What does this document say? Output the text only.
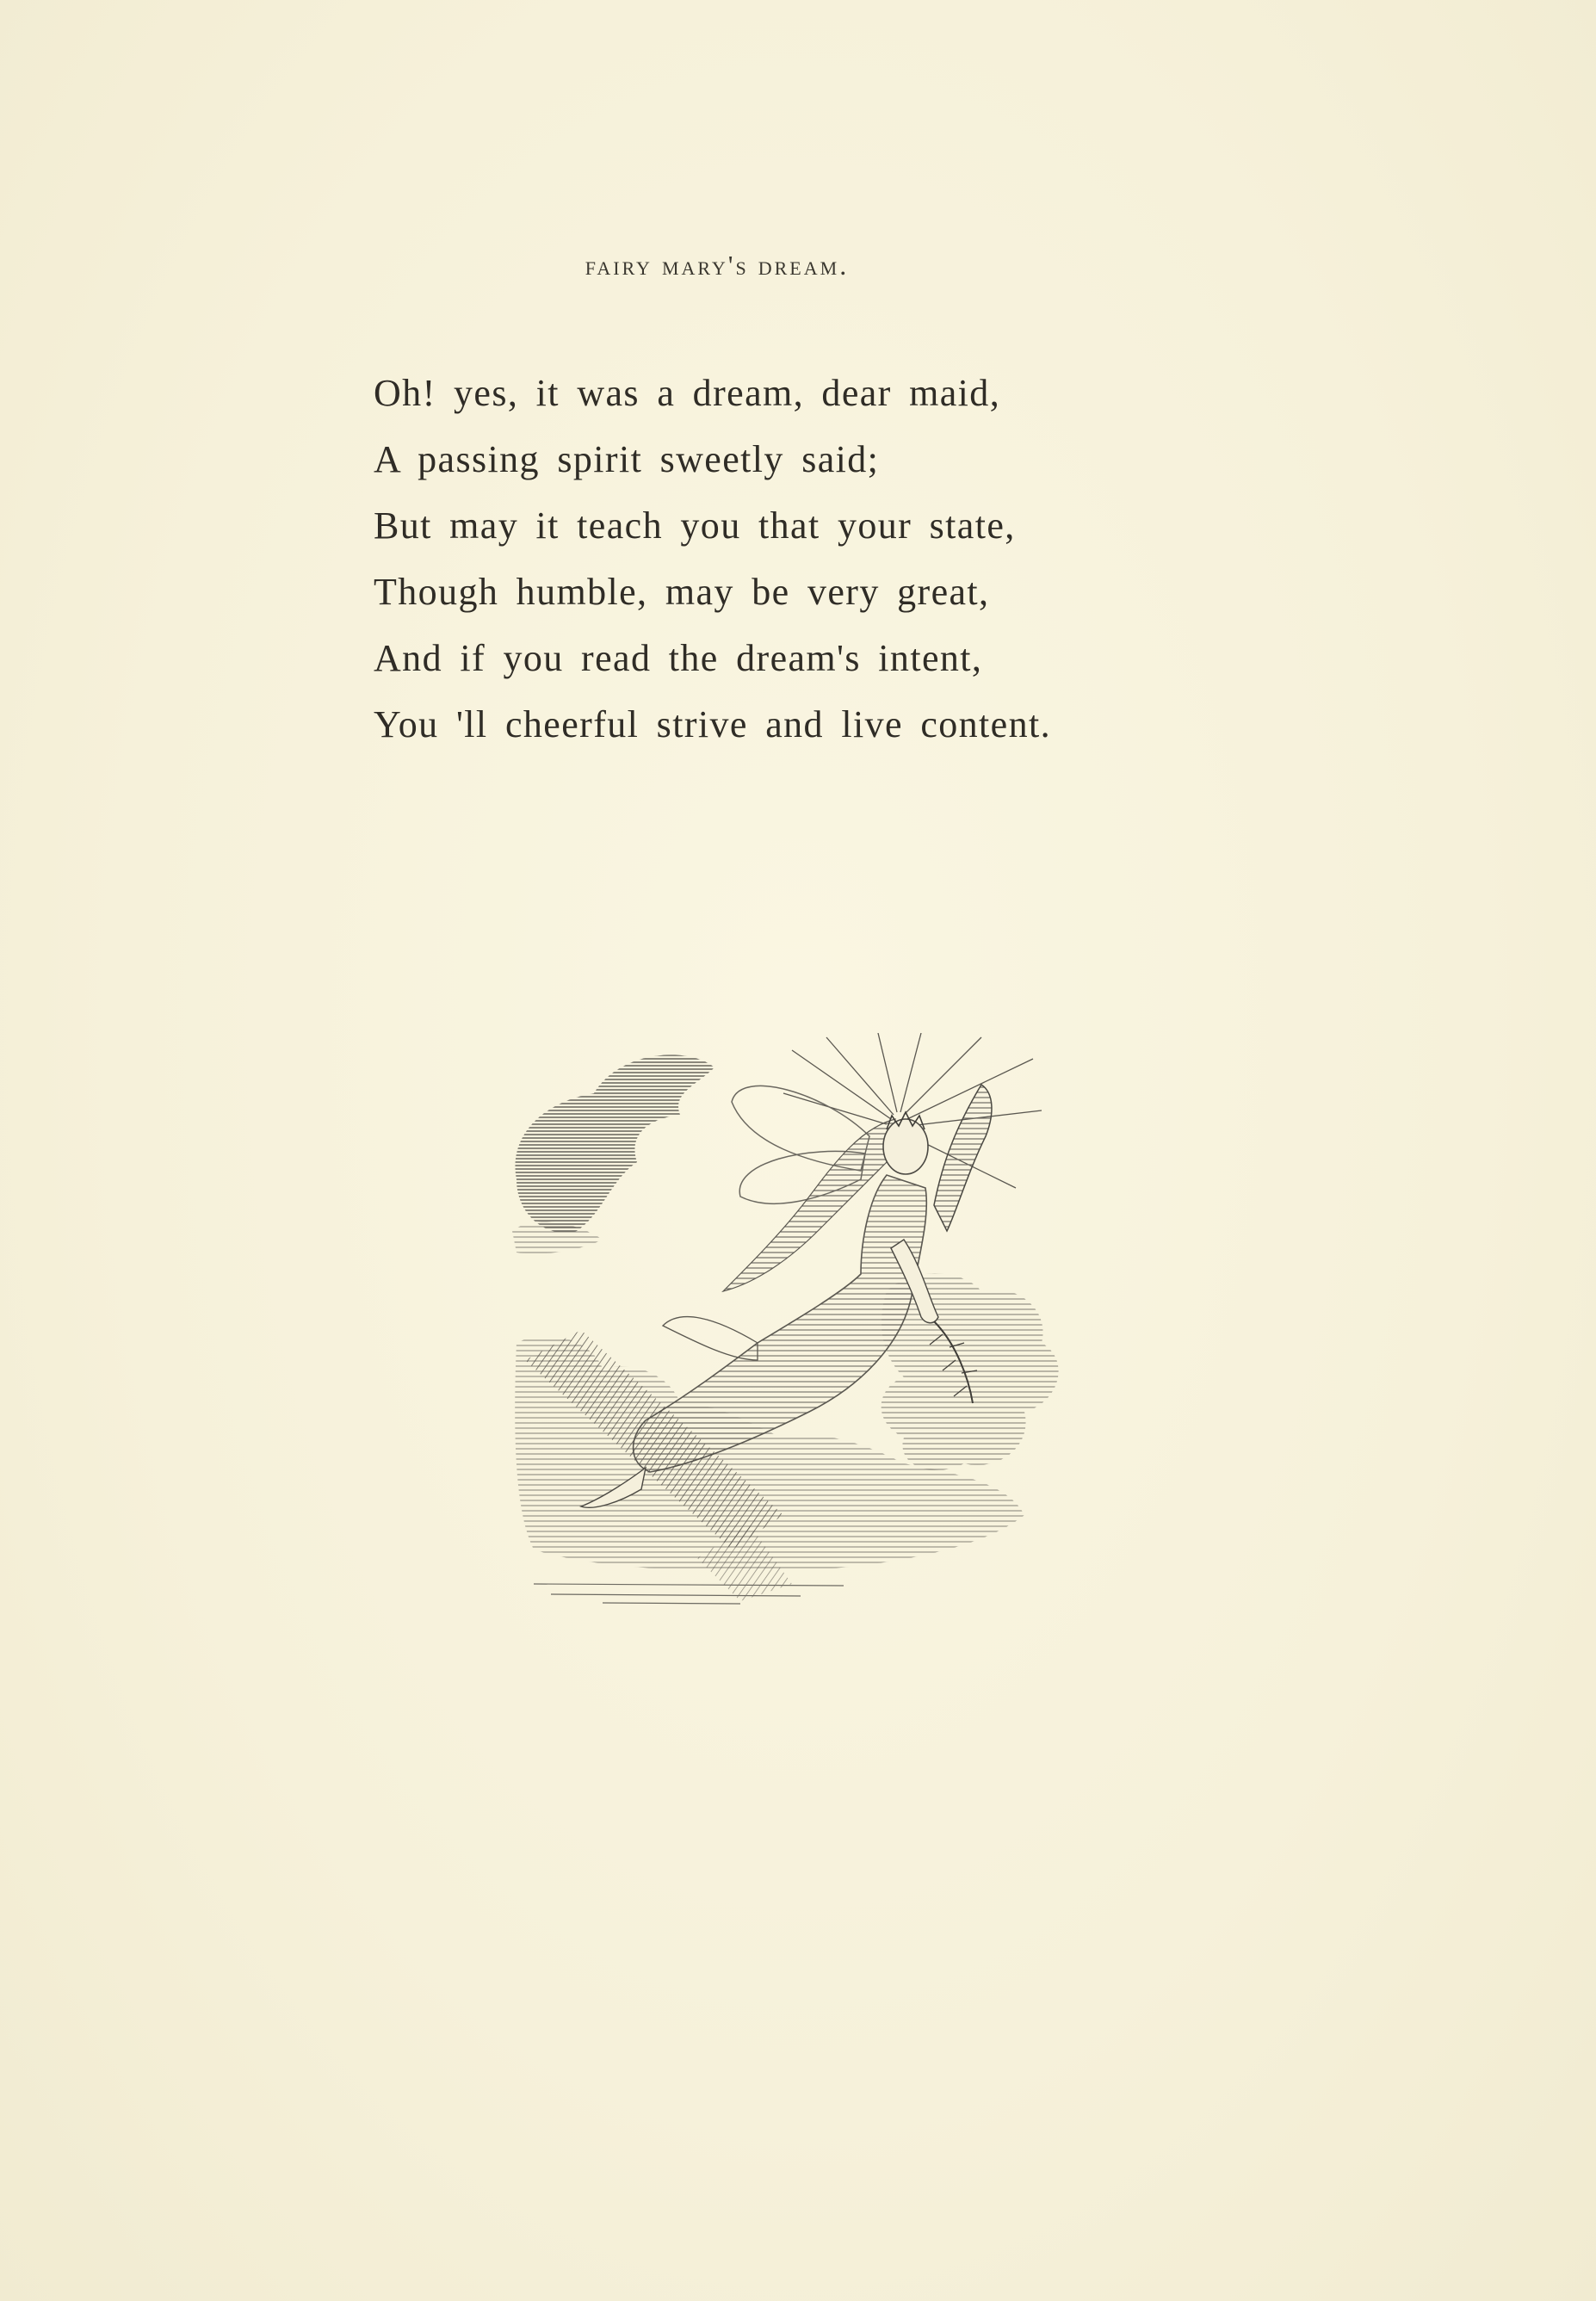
fairy mary's dream.
Oh! yes, it was a dream, dear maid,
A passing spirit sweetly said;
But may it teach you that your state,
Though humble, may be very great,
And if you read the dream's intent,
You 'll cheerful strive and live content.
